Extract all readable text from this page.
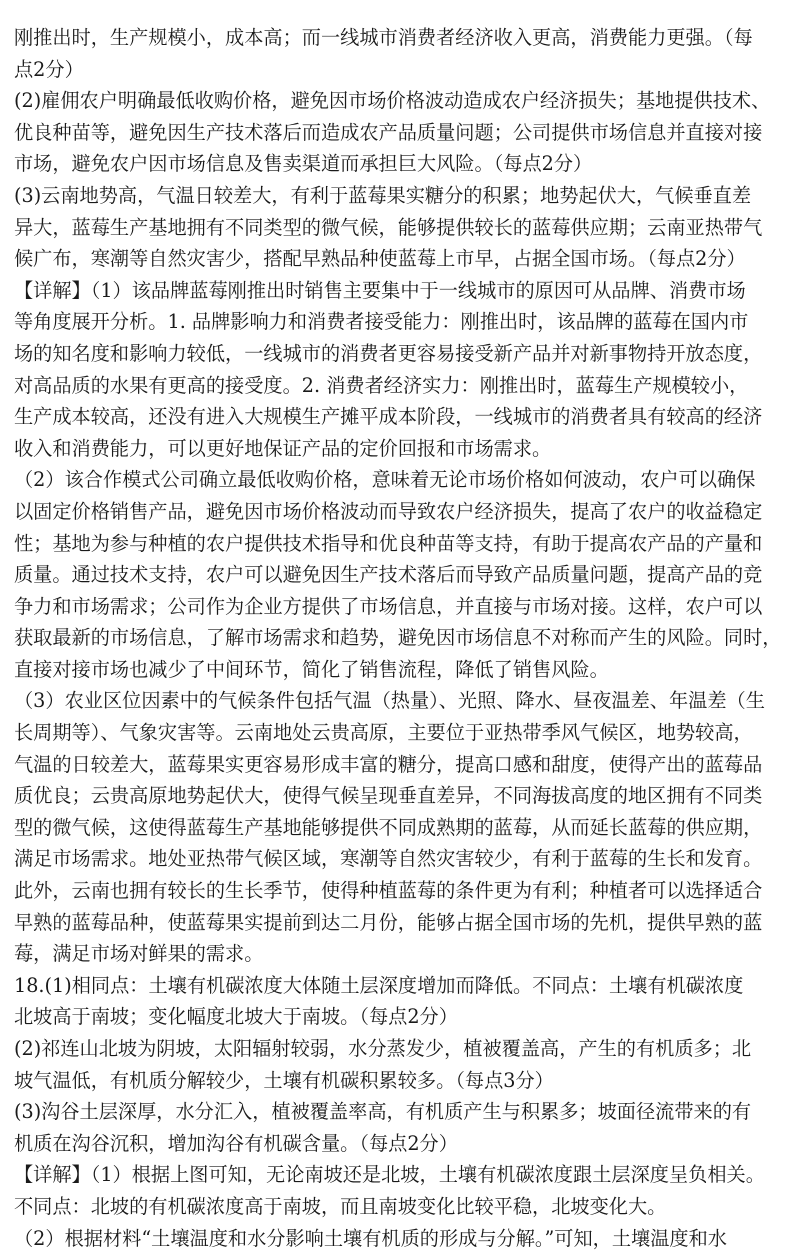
刚推出时，生产规模小，成本高；而一线城市消费者经济收入更高，消费能力更强。（每
点2分）
(2)雇佣农户明确最低收购价格，避免因市场价格波动造成农户经济损失；基地提供技术、
优良种苗等，避免因生产技术落后而造成农产品质量问题；公司提供市场信息并直接对接
市场，避免农户因市场信息及售卖渠道而承担巨大风险。（每点2分）
(3)云南地势高，气温日较差大，有利于蓝莓果实糖分的积累；地势起伏大，气候垂直差
异大，蓝莓生产基地拥有不同类型的微气候，能够提供较长的蓝莓供应期；云南亚热带气
候广布，寒潮等自然灾害少，搭配早熟品种使蓝莓上市早，占据全国市场。（每点2分）
【详解】（1）该品牌蓝莓刚推出时销售主要集中于一线城市的原因可从品牌、消费市场
等角度展开分析。1. 品牌影响力和消费者接受能力：刚推出时，该品牌的蓝莓在国内市
场的知名度和影响力较低，一线城市的消费者更容易接受新产品并对新事物持开放态度，
对高品质的水果有更高的接受度。2. 消费者经济实力：刚推出时，蓝莓生产规模较小，
生产成本较高，还没有进入大规模生产摊平成本阶段，一线城市的消费者具有较高的经济
收入和消费能力，可以更好地保证产品的定价回报和市场需求。
（2）该合作模式公司确立最低收购价格，意味着无论市场价格如何波动，农户可以确保
以固定价格销售产品，避免因市场价格波动而导致农户经济损失，提高了农户的收益稳定
性；基地为参与种植的农户提供技术指导和优良种苗等支持，有助于提高农产品的产量和
质量。通过技术支持，农户可以避免因生产技术落后而导致产品质量问题，提高产品的竞
争力和市场需求；公司作为企业方提供了市场信息，并直接与市场对接。这样，农户可以
获取最新的市场信息，了解市场需求和趋势，避免因市场信息不对称而产生的风险。同时，
直接对接市场也减少了中间环节，简化了销售流程，降低了销售风险。
（3）农业区位因素中的气候条件包括气温（热量）、光照、降水、昼夜温差、年温差（生
长周期等）、气象灾害等。云南地处云贵高原，主要位于亚热带季风气候区，地势较高，
气温的日较差大，蓝莓果实更容易形成丰富的糖分，提高口感和甜度，使得产出的蓝莓品
质优良；云贵高原地势起伏大，使得气候呈现垂直差异，不同海拔高度的地区拥有不同类
型的微气候，这使得蓝莓生产基地能够提供不同成熟期的蓝莓，从而延长蓝莓的供应期，
满足市场需求。地处亚热带气候区域，寒潮等自然灾害较少，有利于蓝莓的生长和发育。
此外，云南也拥有较长的生长季节，使得种植蓝莓的条件更为有利；种植者可以选择适合
早熟的蓝莓品种，使蓝莓果实提前到达二月份，能够占据全国市场的先机，提供早熟的蓝
莓，满足市场对鲜果的需求。
18.(1)相同点：土壤有机碳浓度大体随土层深度增加而降低。不同点：土壤有机碳浓度
北坡高于南坡；变化幅度北坡大于南坡。（每点2分）
(2)祁连山北坡为阴坡，太阳辐射较弱，水分蒸发少，植被覆盖高，产生的有机质多；北
坡气温低，有机质分解较少，土壤有机碳积累较多。（每点3分）
(3)沟谷土层深厚，水分汇入，植被覆盖率高，有机质产生与积累多；坡面径流带来的有
机质在沟谷沉积，增加沟谷有机碳含量。（每点2分）
【详解】（1）根据上图可知，无论南坡还是北坡，土壤有机碳浓度跟土层深度呈负相关。
不同点：北坡的有机碳浓度高于南坡，而且南坡变化比较平稳，北坡变化大。
（2）根据材料“土壤温度和水分影响土壤有机质的形成与分解。”可知，土壤温度和水
